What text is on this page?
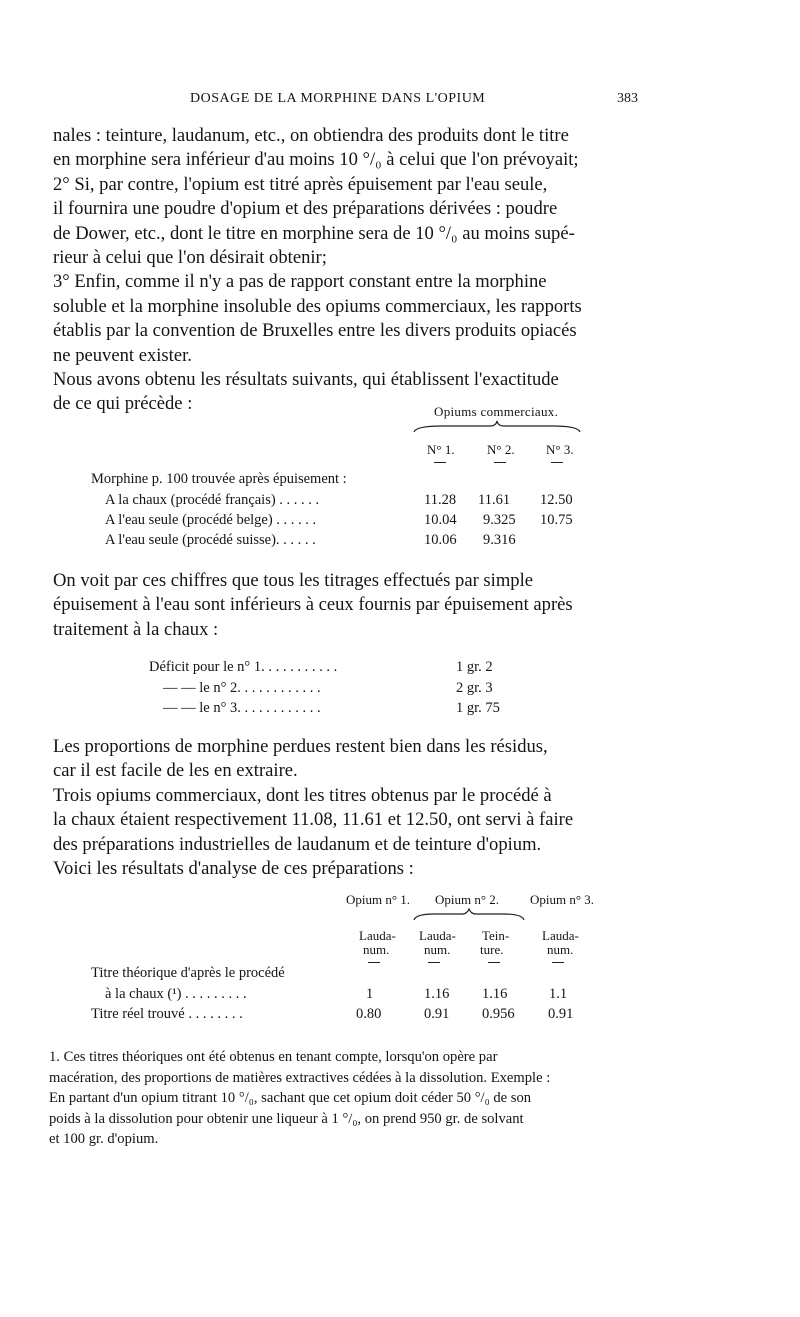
DOSAGE DE LA MORPHINE DANS L'OPIUM	383
nales : teinture, laudanum, etc., on obtiendra des produits dont le titre
en morphine sera inférieur d'au moins 10 °/₀ à celui que l'on prévoyait;
2° Si, par contre, l'opium est titré après épuisement par l'eau seule,
il fournira une poudre d'opium et des préparations dérivées : poudre
de Dower, etc., dont le titre en morphine sera de 10 °/₀ au moins supé-
rieur à celui que l'on désirait obtenir;
3° Enfin, comme il n'y a pas de rapport constant entre la morphine
soluble et la morphine insoluble des opiums commerciaux, les rapports
établis par la convention de Bruxelles entre les divers produits opiacés
ne peuvent exister.
Nous avons obtenu les résultats suivants, qui établissent l'exactitude
de ce qui précède :	Opiums commerciaux.
N° 1. N° 2. N° 3.
Morphine p. 100 trouvée après épuisement :
A la chaux (procédé français) . . . . . .	11.28 11.61 12.50
A l'eau seule (procédé belge) . . . . . .	10.04 9.325 10.75
A l'eau seule (procédé suisse). . . . . .	10.06 9.316
On voit par ces chiffres que tous les titrages effectués par simple
épuisement à l'eau sont inférieurs à ceux fournis par épuisement après
traitement à la chaux :
Déficit pour le n° 1. . . . . . . . . . .	1 gr. 2
— — le n° 2. . . . . . . . . . . .	2 gr. 3
— — le n° 3. . . . . . . . . . . .	1 gr. 75
Les proportions de morphine perdues restent bien dans les résidus,
car il est facile de les en extraire.
Trois opiums commerciaux, dont les titres obtenus par le procédé à
la chaux étaient respectivement 11.08, 11.61 et 12.50, ont servi à faire
des préparations industrielles de laudanum et de teinture d'opium.
Voici les résultats d'analyse de ces préparations :
Opium n° 1. Opium n° 2. Opium n° 3.
Lauda-
num.
Lauda-
num.
Tein-
ture.
Lauda-
num.
Titre théorique d'après le procédé
à la chaux (¹) . . . . . . . . .	1	1.16 1.16	1.1
Titre réel trouvé . . . . . . . .	0.80	0.91 0.956 0.91
1. Ces titres théoriques ont été obtenus en tenant compte, lorsqu'on opère par
macération, des proportions de matières extractives cédées à la dissolution. Exemple :
En partant d'un opium titrant 10 °/₀, sachant que cet opium doit céder 50 °/₀ de son
poids à la dissolution pour obtenir une liqueur à 1 °/₀, on prend 950 gr. de solvant
et 100 gr. d'opium.
